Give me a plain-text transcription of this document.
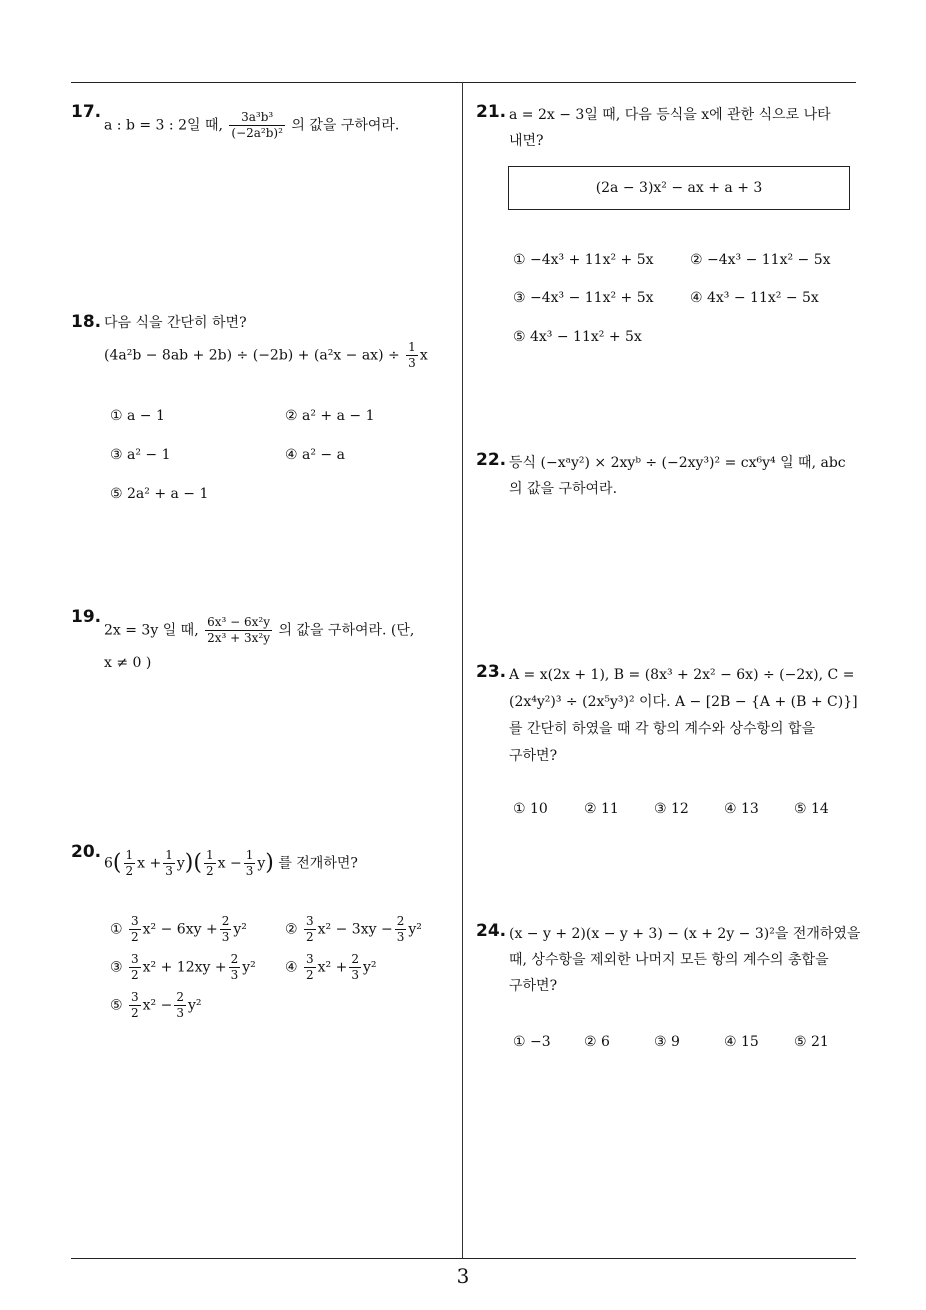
3
17.
a : b = 3 : 2일 때, $\frac{\text{3a³b³}}{\text{(−2a²b)²}}$ 의 값을 구하여라.
18. 다음 식을 간단히 하면?
$(4a^2b - 8ab + 2b) \div (-2b) + (a^2x - ax) \div \frac{1}{3}$ x
① a − 1	② a² + a − 1
③ a² − 1	④ a² − a
⑤ 2a² + a − 1
19.
2x = 3y 일 때, $\frac{\text{6x³ − 6x²y}}{\text{2x³ + 3x²y}}$ 의 값을 구하여라. (단,
x ≠ 0 )
20.
$6( \frac{1}{2}$ $x + \frac{1}{3} y)( \frac{1}{2}$ $x - \frac{1}{3} y$) 를 전개하면?
① $\frac{3}{2} x^2 - 6xy + \frac{2}{3} y^2$	② $\frac{3}{2} x^2 - 3xy - \frac{2}{3} y^2$
③ $\frac{3}{2} x^2 + 12xy + \frac{2}{3} y^2$ ④ $\frac{3}{2} x^2 + \frac{2}{3} y^2$
⑤ $\frac{3}{2} x^2 - \frac{2}{3} y^2$
21. a = 2x − 3일 때, 다음 등식을 x에 관한 식으로 나타
내면?
(2a − 3)x² − ax + a + 3
① −4x³ + 11x² + 5x	② −4x³ − 11x² − 5x
③ −4x³ − 11x² + 5x	④ 4x³ − 11x² − 5x
⑤ 4x³ − 11x² + 5x
22. 등식 (−xᵃy²) × 2xyᵇ ÷ (−2xy³)² = cx⁶y⁴ 일 때, abc
의 값을 구하여라.
23. A = x(2x + 1), B = (8x³ + 2x² − 6x) ÷ (−2x), C =
(2x⁴y²)³ ÷ (2x⁵y³)² 이다. A − [2B − {A + (B + C)}]
를 간단히 하였을 때 각 항의 계수와 상수항의 합을
구하면?
① 10	② 11	③ 12	④ 13	⑤ 14
24. (x − y + 2)(x − y + 3) − (x + 2y − 3)²을 전개하였을
때, 상수항을 제외한 나머지 모든 항의 계수의 총합을
구하면?
① −3 ② 6	③ 9	④ 15	⑤ 21
